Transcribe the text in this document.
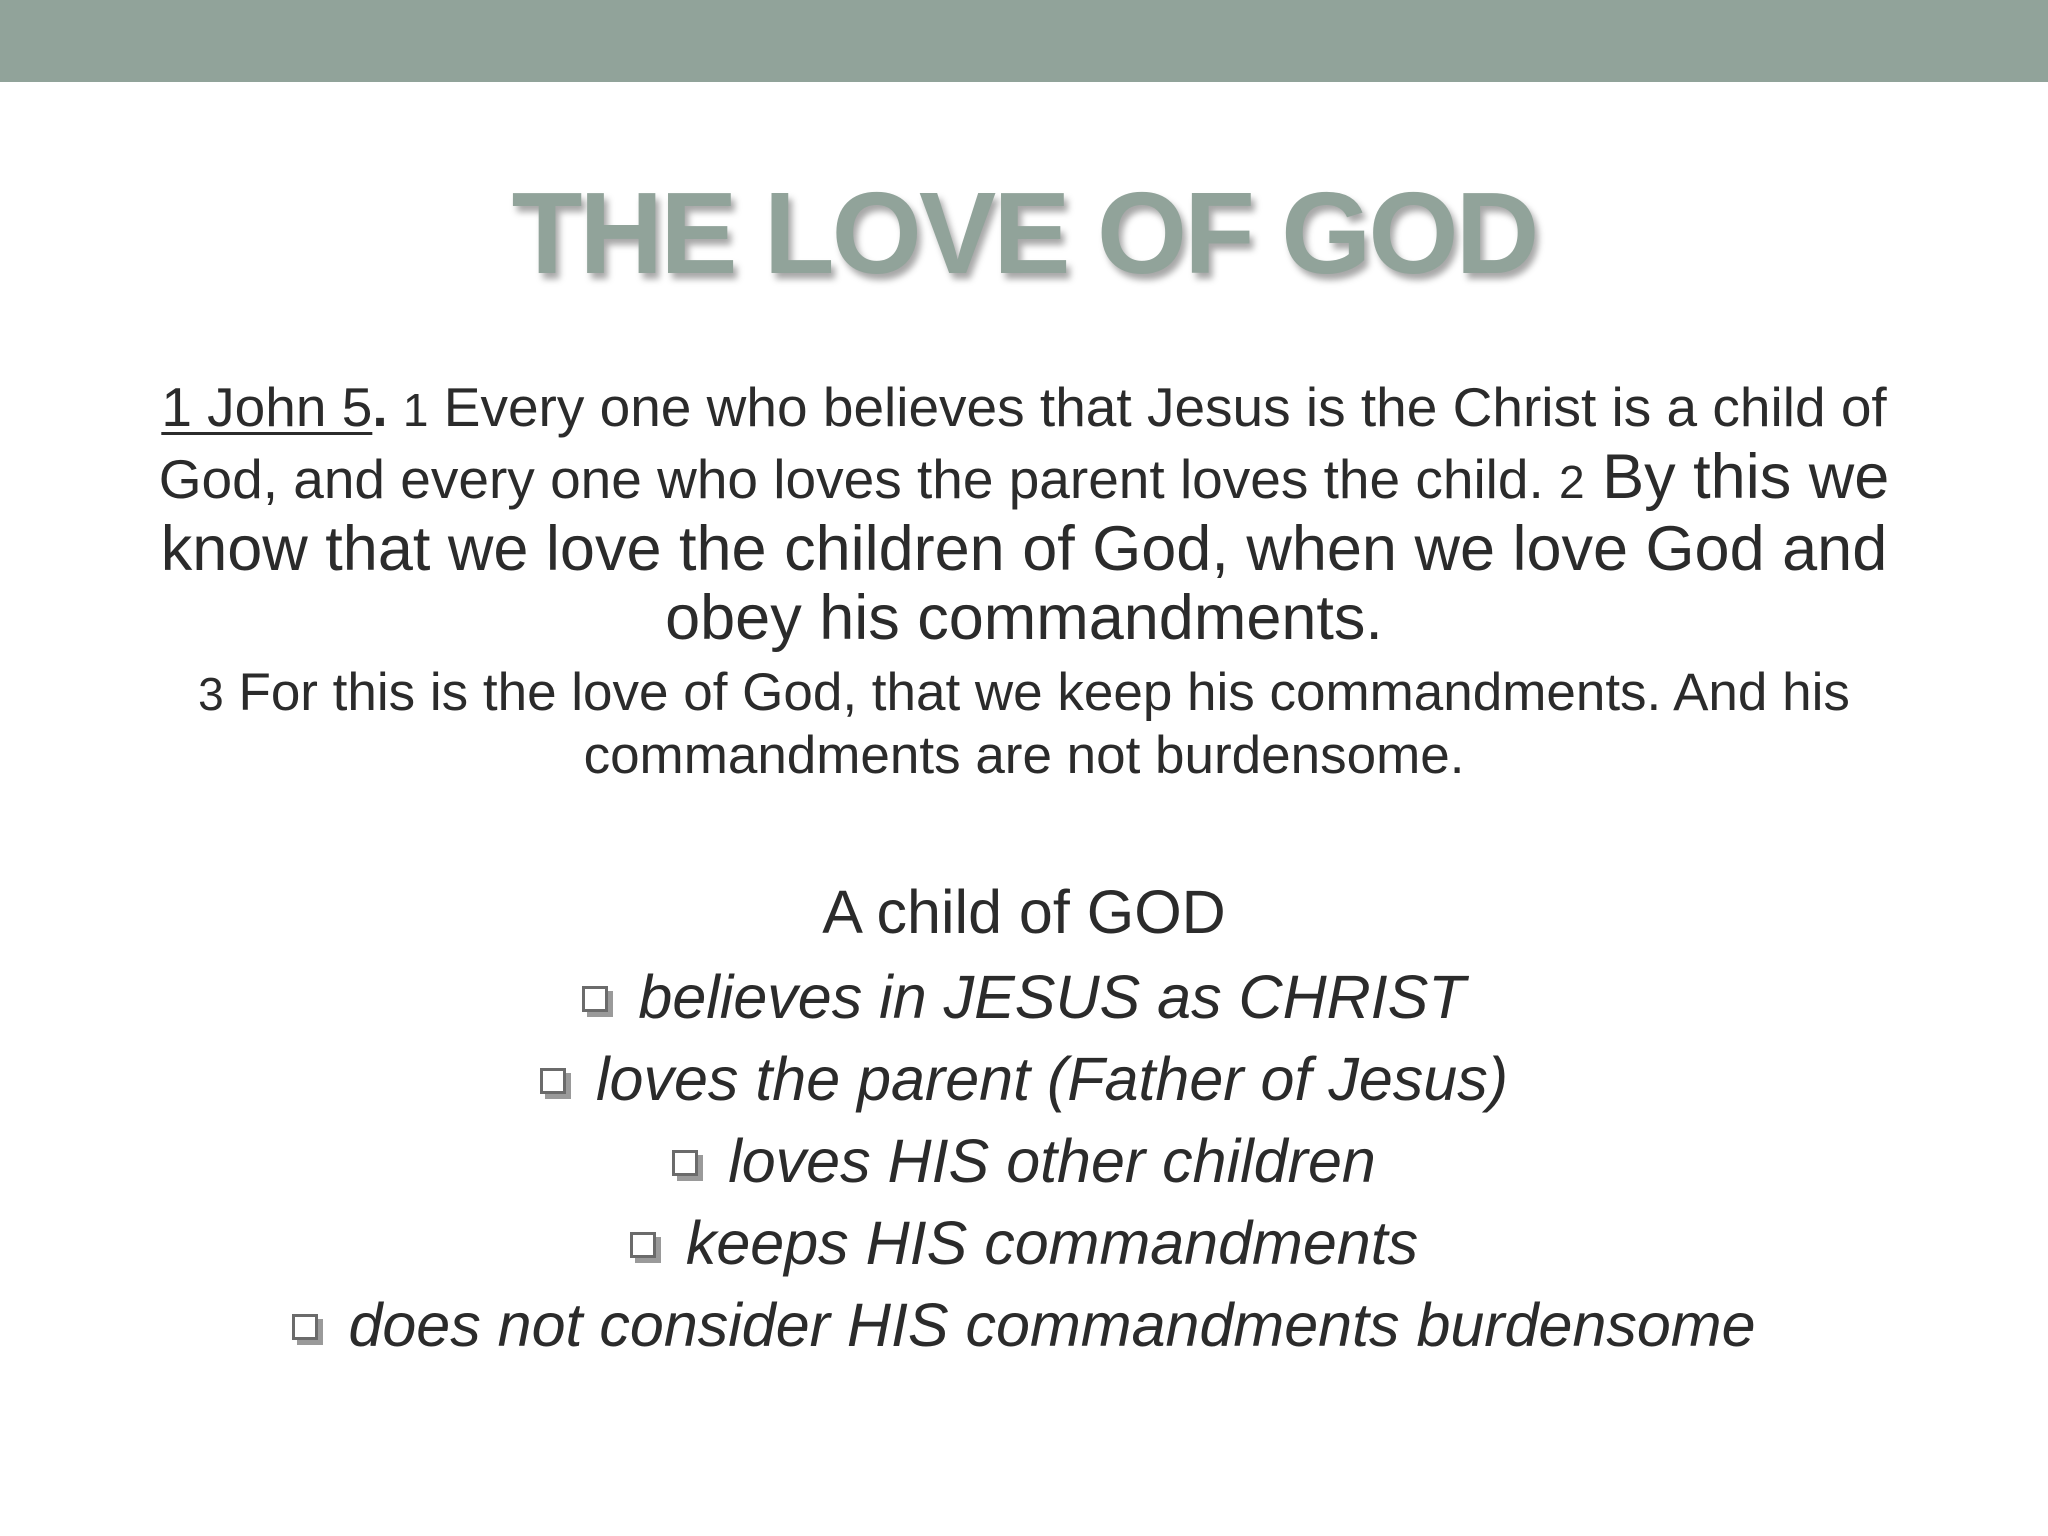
THE LOVE OF GOD

1 John 5. 1 Every one who believes that Jesus is the Christ is a child of God, and every one who loves the parent loves the child. 2 By this we know that we love the children of God, when we love God and obey his commandments.

3 For this is the love of God, that we keep his commandments. And his commandments are not burdensome.

A child of GOD

believes in JESUS as CHRIST

loves the parent (Father of Jesus)

loves HIS other children

keeps HIS commandments

does not consider HIS commandments burdensome
